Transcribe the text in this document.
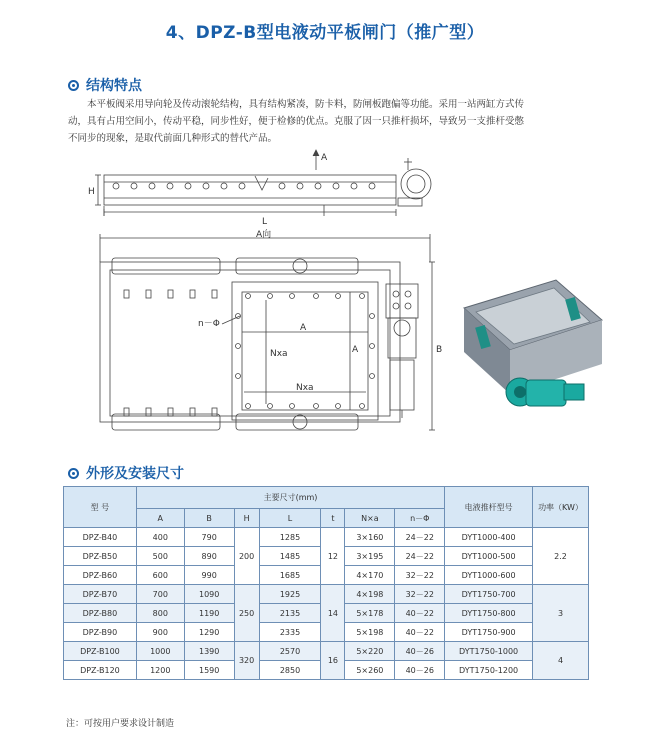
4、DPZ-B型电液动平板闸门（推广型）
结构特点

本平板阀采用导向轮及传动滚轮结构，具有结构紧凑，防卡料，防闸板跑偏等功能。采用一站两缸方式传
动，具有占用空间小，传动平稳，同步性好，便于检修的优点。克服了因一只推杆损坏，导致另一支推杆受憋
不同步的现象，是取代前面几种形式的替代产品。

H
L
A
A向
n－Φ	A
A
Nxa
Nxa
B
外形及安装尺寸
型 号	主要尺寸(mm)							电液推杆型号	功率（KW）
	A	B	H	L	t	N×a	n－Φ		
DPZ-B40	400	790	200	1285	12	3×160	24－22	DYT1000-400	2.2
DPZ-B50	500	890		1485		3×195	24－22	DYT1000-500	
DPZ-B60	600	990		1685		4×170	32－22	DYT1000-600	
DPZ-B70	700	1090	250	1925	14	4×198	32－22	DYT1750-700	3
DPZ-B80	800	1190		2135		5×178	40－22	DYT1750-800	
DPZ-B90	900	1290		2335		5×198	40－22	DYT1750-900	
DPZ-B100	1000	1390	320	2570	16	5×220	40－26	DYT1750-1000	4
DPZ-B120	1200	1590		2850		5×260	40－26	DYT1750-1200	
注：可按用户要求设计制造
